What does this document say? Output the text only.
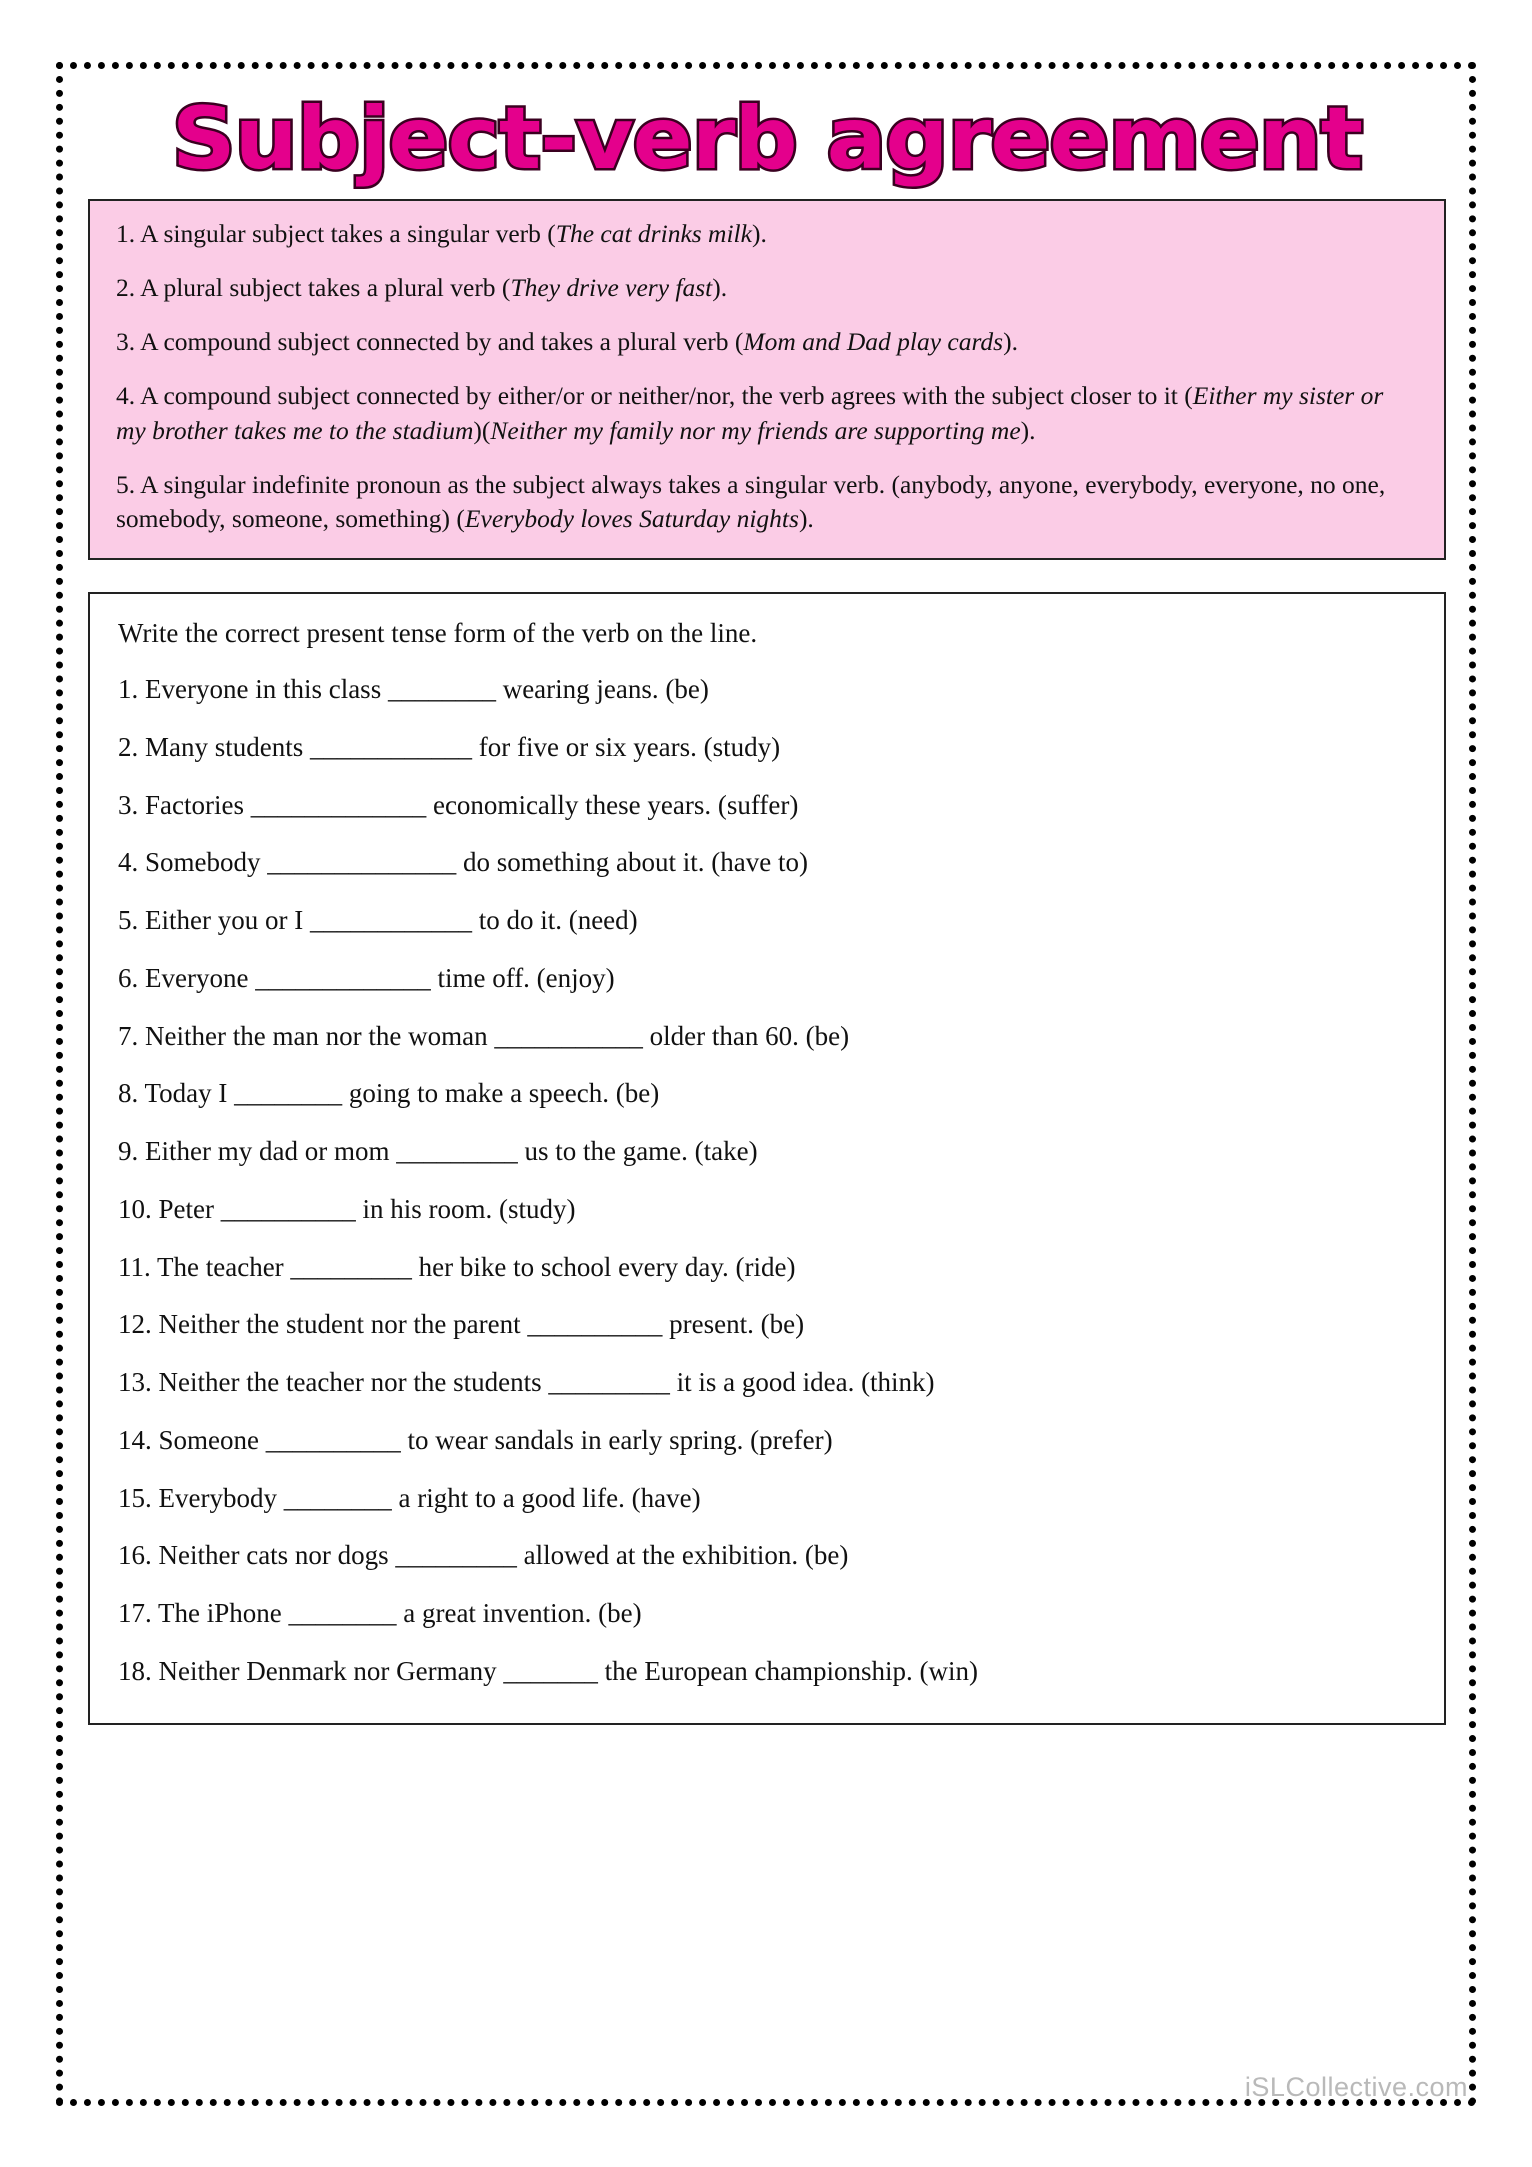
Subject-verb agreement

1. A singular subject takes a singular verb (The cat drinks milk).

2. A plural subject takes a plural verb (They drive very fast).

3. A compound subject connected by and takes a plural verb (Mom and Dad play cards).

4. A compound subject connected by either/or or neither/nor, the verb agrees with the subject closer to it (Either my sister or my brother takes me to the stadium)(Neither my family nor my friends are supporting me).

5. A singular indefinite pronoun as the subject always takes a singular verb. (anybody, anyone, everybody, everyone, no one, somebody, someone, something) (Everybody loves Saturday nights).

Write the correct present tense form of the verb on the line.

1. Everyone in this class ________ wearing jeans. (be)
2. Many students ____________ for five or six years. (study)
3. Factories _____________ economically these years. (suffer)
4. Somebody ______________ do something about it. (have to)
5. Either you or I ____________ to do it. (need)
6. Everyone _____________ time off. (enjoy)
7. Neither the man nor the woman ___________ older than 60. (be)
8. Today I ________ going to make a speech. (be)
9. Either my dad or mom _________ us to the game. (take)
10. Peter __________ in his room. (study)
11. The teacher _________ her bike to school every day. (ride)
12. Neither the student nor the parent __________ present. (be)
13. Neither the teacher nor the students _________ it is a good idea. (think)
14. Someone __________ to wear sandals in early spring. (prefer)
15. Everybody ________ a right to a good life. (have)
16. Neither cats nor dogs _________ allowed at the exhibition. (be)
17. The iPhone ________ a great invention. (be)
18. Neither Denmark nor Germany _______ the European championship. (win)
iSLCollective.com
